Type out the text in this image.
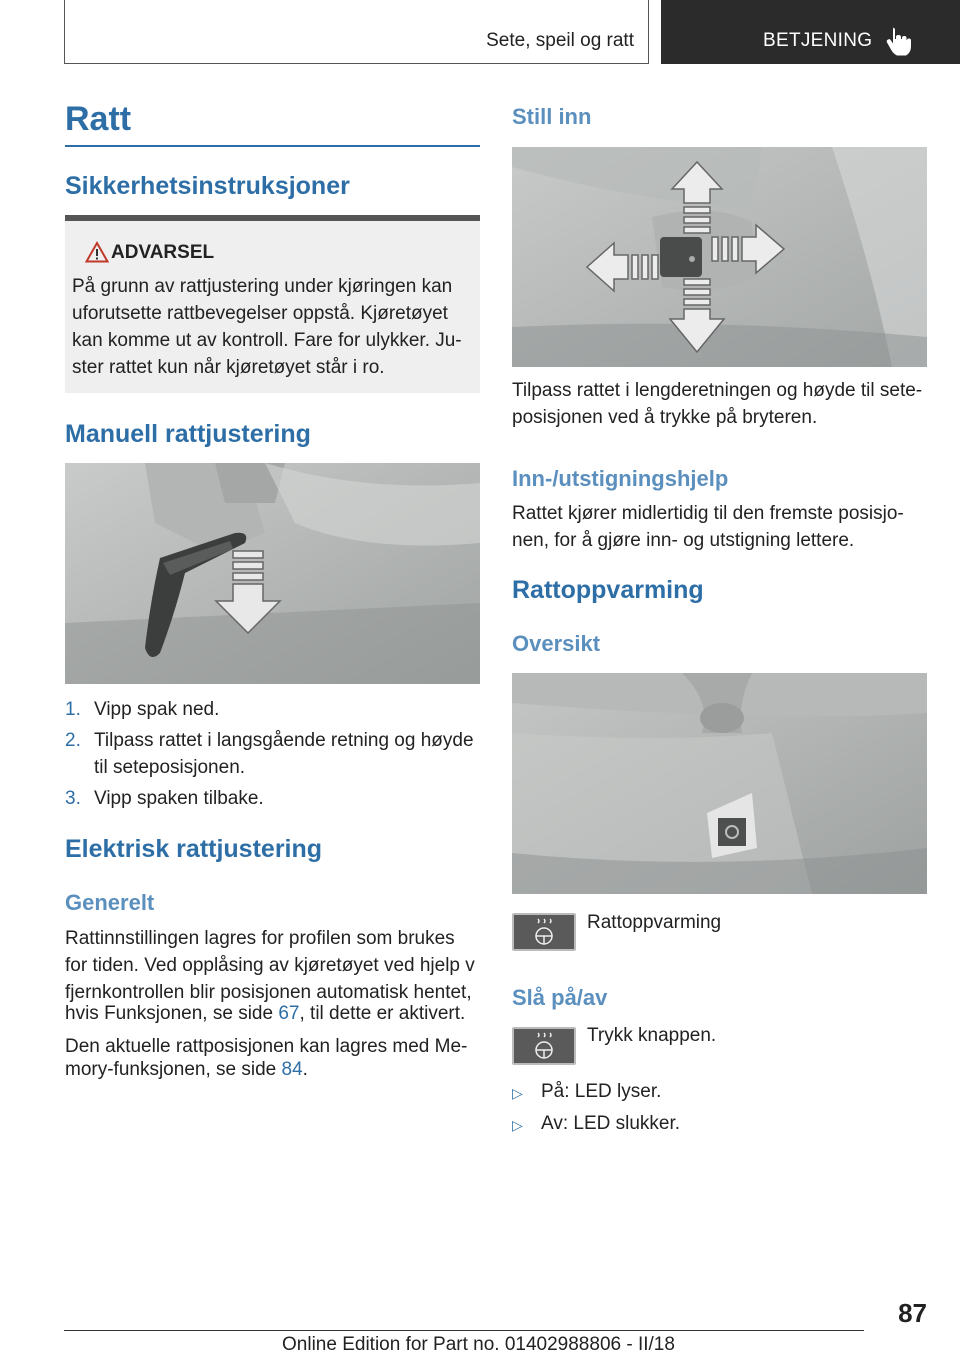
Sete, speil og ratt	BETJENING
Ratt
Sikkerhetsinstruksjoner
ADVARSEL
På grunn av rattjustering under kjøringen kan
uforutsette rattbevegelser oppstå. Kjøretøyet
kan komme ut av kontroll. Fare for ulykker. Ju-
ster rattet kun når kjøretøyet står i ro.
Manuell rattjustering
1. Vipp spak ned.
2. Tilpass rattet i langsgående retning og høyde
til seteposisjonen.
3. Vipp spaken tilbake.
Elektrisk rattjustering
Generelt
Rattinnstillingen lagres for profilen som brukes
for tiden. Ved opplåsing av kjøretøyet ved hjelp v
fjernkontrollen blir posisjonen automatisk hentet,
hvis Funksjonen, se side 67, til dette er aktivert.
Den aktuelle rattposisjonen kan lagres med Me-
mory-funksjonen, se side 84.
Still inn
Tilpass rattet i lengderetningen og høyde til sete-
posisjonen ved å trykke på bryteren.
Inn-/utstigningshjelp
Rattet kjører midlertidig til den fremste posisjo-
nen, for å gjøre inn- og utstigning lettere.
Rattoppvarming
Oversikt
Rattoppvarming
Slå på/av
Trykk knappen.
▷ På: LED lyser.
▷ Av: LED slukker.
87
Online Edition for Part no. 01402988806 - II/18
